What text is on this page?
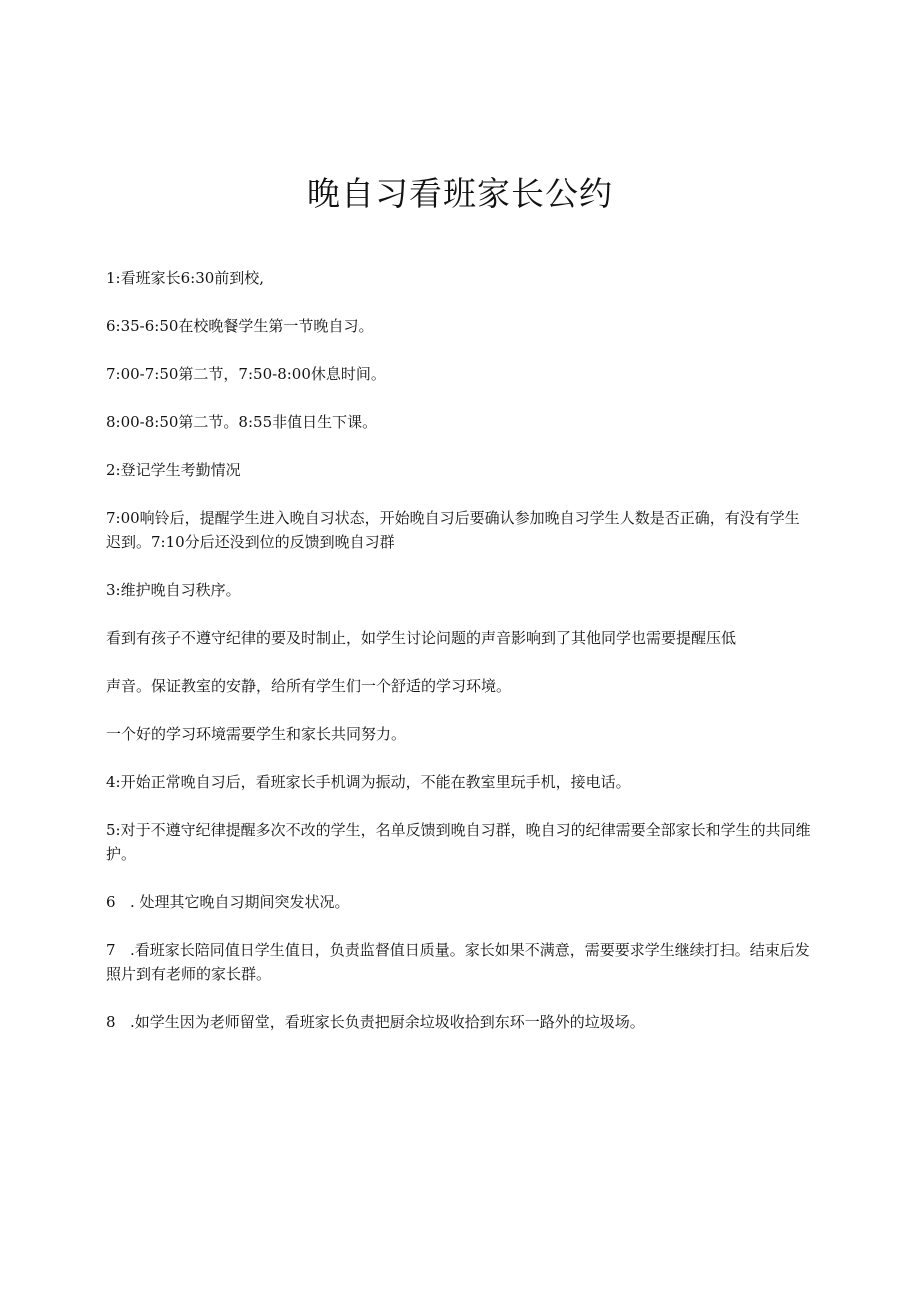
晚自习看班家长公约

1:看班家长6:30前到校,

6:35-6:50在校晚餐学生第一节晚自习。

7:00-7:50第二节，7:50-8:00休息时间。

8:00-8:50第二节。8:55非值日生下课。

2:登记学生考勤情况

7:00响铃后，提醒学生进入晚自习状态，开始晚自习后要确认参加晚自习学生人数是否正确，有没有学生迟到。7:10分后还没到位的反馈到晚自习群

3:维护晚自习秩序。

看到有孩子不遵守纪律的要及时制止，如学生讨论问题的声音影响到了其他同学也需要提醒压低

声音。保证教室的安静，给所有学生们一个舒适的学习环境。

一个好的学习环境需要学生和家长共同努力。

4:开始正常晚自习后，看班家长手机调为振动，不能在教室里玩手机，接电话。

5:对于不遵守纪律提醒多次不改的学生，名单反馈到晚自习群，晚自习的纪律需要全部家长和学生的共同维护。

6 . 处理其它晚自习期间突发状况。

7 .看班家长陪同值日学生值日，负责监督值日质量。家长如果不满意，需要要求学生继续打扫。结束后发照片到有老师的家长群。

8 .如学生因为老师留堂，看班家长负责把厨余垃圾收拾到东环一路外的垃圾场。
